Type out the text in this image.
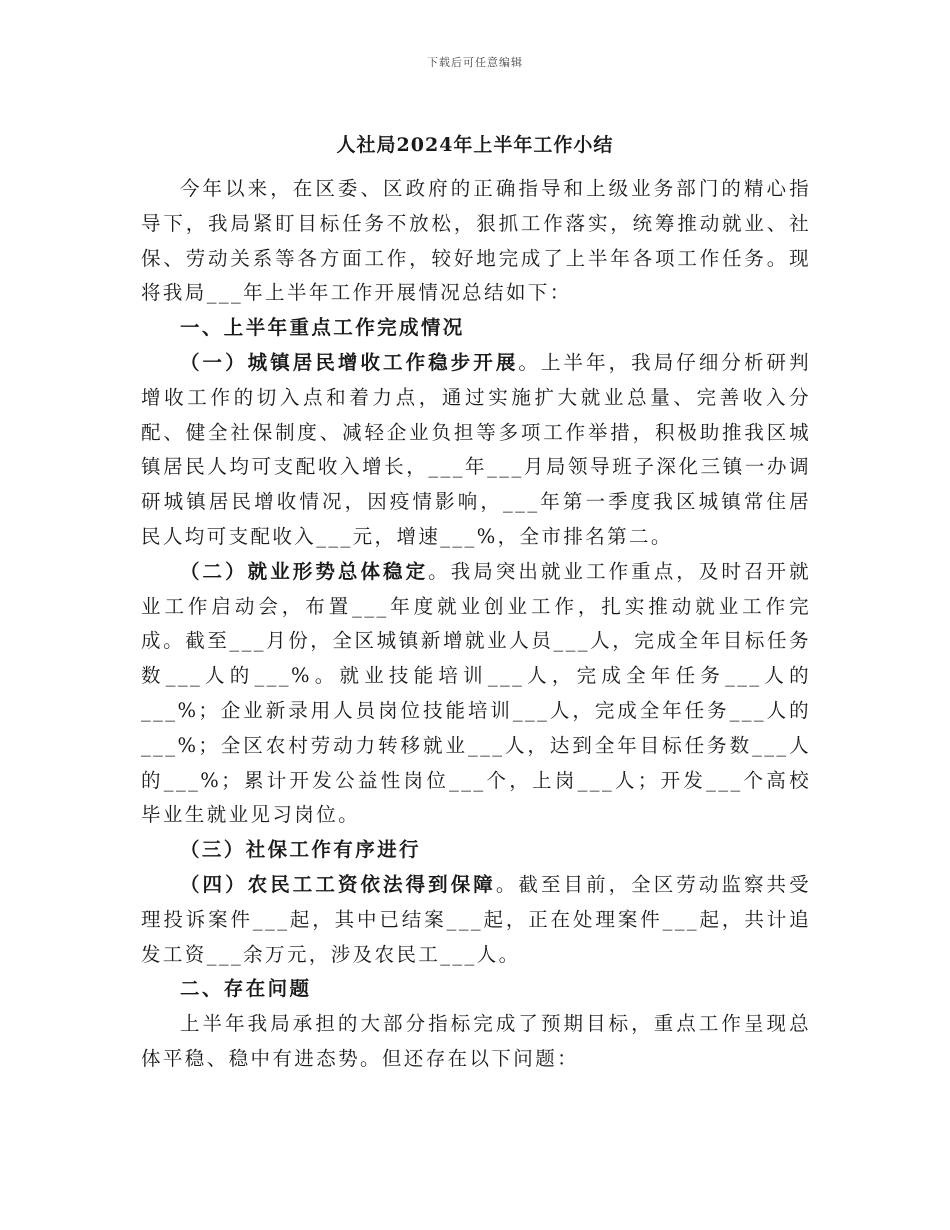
下载后可任意编辑
人社局2024年上半年工作小结

今年以来，在区委、区政府的正确指导和上级业务部门的精心指导下，我局紧盯目标任务不放松，狠抓工作落实，统筹推动就业、社保、劳动关系等各方面工作，较好地完成了上半年各项工作任务。现将我局___年上半年工作开展情况总结如下：

一、上半年重点工作完成情况

（一）城镇居民增收工作稳步开展。上半年，我局仔细分析研判增收工作的切入点和着力点，通过实施扩大就业总量、完善收入分配、健全社保制度、减轻企业负担等多项工作举措，积极助推我区城镇居民人均可支配收入增长，___年___月局领导班子深化三镇一办调研城镇居民增收情况，因疫情影响，___年第一季度我区城镇常住居民人均可支配收入___元，增速___%，全市排名第二。

（二）就业形势总体稳定。我局突出就业工作重点，及时召开就业工作启动会，布置___年度就业创业工作，扎实推动就业工作完成。截至___月份，全区城镇新增就业人员___人，完成全年目标任务数___人的___%。就业技能培训___人，完成全年任务___人的___%；企业新录用人员岗位技能培训___人，完成全年任务___人的___%；全区农村劳动力转移就业___人，达到全年目标任务数___人的___%；累计开发公益性岗位___个，上岗___人；开发___个高校毕业生就业见习岗位。

（三）社保工作有序进行

（四）农民工工资依法得到保障。截至目前，全区劳动监察共受理投诉案件___起，其中已结案___起，正在处理案件___起，共计追发工资___余万元，涉及农民工___人。

二、存在问题

上半年我局承担的大部分指标完成了预期目标，重点工作呈现总体平稳、稳中有进态势。但还存在以下问题：
